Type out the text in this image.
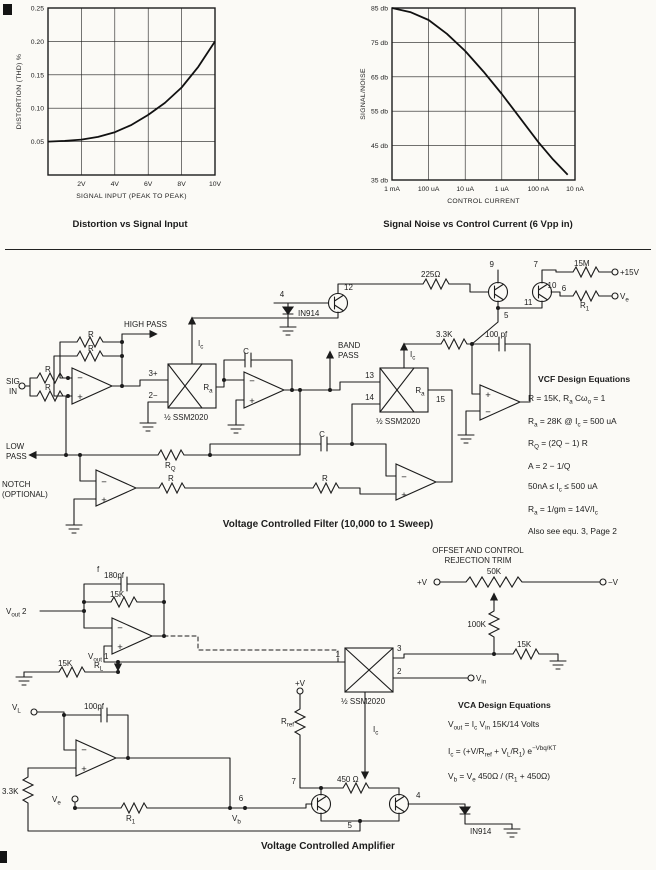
2V	4V	6V	8V	10V
0.05
0.10
0.15
0.20
0.25
SIGNAL INPUT (PEAK TO PEAK)
DISTORTION (THD) %
1 mA	100 uA 10 uA	1 uA	100 nA 10 nA
35 db
45 db
55 db
65 db
75 db
85 db
CONTROL CURRENT
SIGNAL/NOISE
Distortion vs Signal Input	Signal Noise vs Control Current (6 Vpp in)
−
+
−
+
+
−
−
+
−
+
SIG
IN
HIGH PASS
LOW
PASS
NOTCH
(OPTIONAL)
BAND
PASS
R
R
R
R
R	R
$R_Q$
C
C
$I_c$
$I_c$
$R_a$	$R_a$
½ SSM2020	½ SSM2020
3+
2−
13
14	15
4
12
9	7
10 6
11
5
IN914
225Ω
3.3K	100 pf
15M
+15V
$R_1$
$V_e$
VCF Design Equations
R = 15K, $R_a$ $C\omega_o = 1$
$R_a = 28K$ @ $I_c = 500$ uA
$R_Q = (2Q - 1)$ R
A = 2 − 1/Q
$50nA \le I_c \le 500$ uA
$R_a = 1/gm = 14V/I_c$
Also see equ. 3, Page 2
Voltage Controlled Filter (10,000 to 1 Sweep)
−
+
−
+
OFFSET AND CONTROL
REJECTION TRIM
50K
+V	−V
100K
15K
f
180pf
15K
$V_{out}$ 2
$V_{out}$ 1
15K	$R_L$
$V_L$	100pf
3.3K
$V_e$
$R_1$
6
$V_b$
$R_{ref}$
+V
$I_c$
450 Ω
7
4
5
IN914
1
2
3
$V_{in}$
½ SSM2020	VCA Design Equations
$V_{out} = I_c$ $V_{in}$ 15K/14 Volts
$I_c = (+V/R_{ref} + V_L/R_1)$ $e^{-Vbq/KT}$
$V_b = V_e$ $450\Omega / (R_1 + 450\Omega)$
Voltage Controlled Amplifier
